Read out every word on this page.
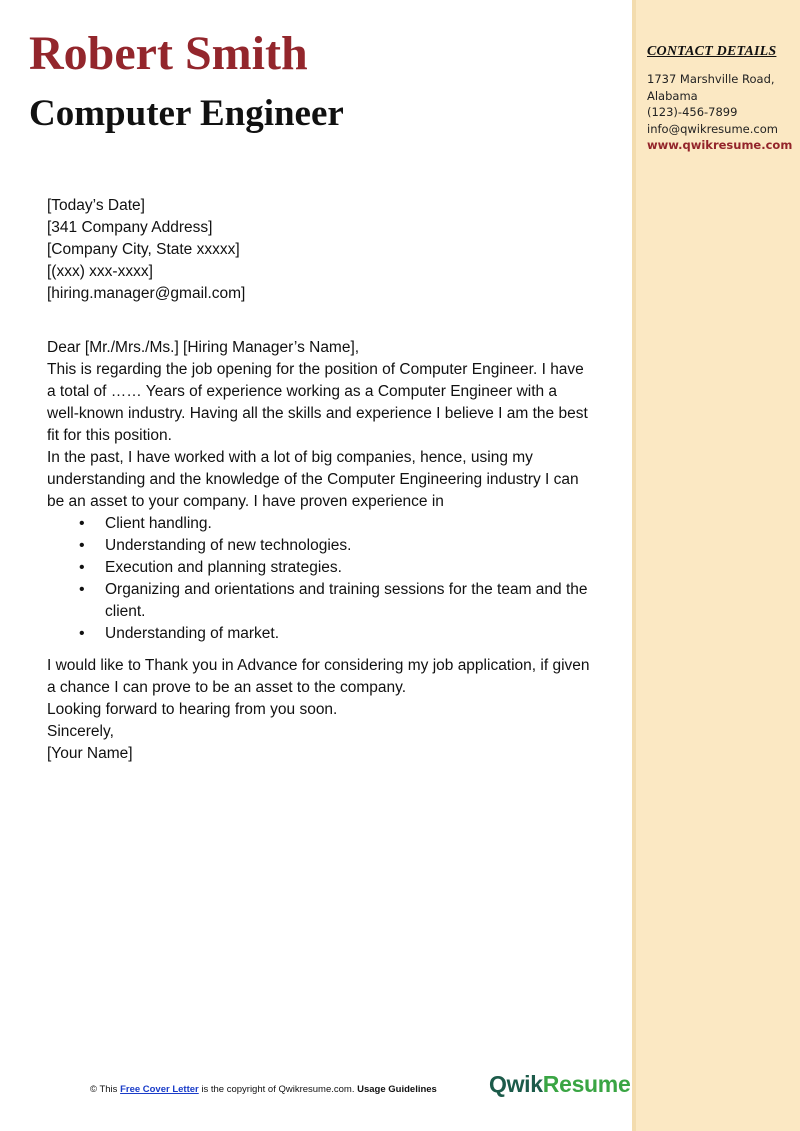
Robert Smith
Computer Engineer
CONTACT DETAILS
1737 Marshville Road,
Alabama
(123)-456-7899
info@qwikresume.com
www.qwikresume.com

[Today’s Date]

[341 Company Address]

[Company City, State xxxxx]

[(xxx) xxx-xxxx]

[hiring.manager@gmail.com]

Dear [Mr./Mrs./Ms.] [Hiring Manager’s Name],

This is regarding the job opening for the position of Computer Engineer. I have a total of …… Years of experience working as a Computer Engineer with a well-known industry. Having all the skills and experience I believe I am the best fit for this position.

In the past, I have worked with a lot of big companies, hence, using my understanding and the knowledge of the Computer Engineering industry I can be an asset to your company. I have proven experience in

• Client handling.
• Understanding of new technologies.
• Execution and planning strategies.
• Organizing and orientations and training sessions for the team and the client.
• Understanding of market.

I would like to Thank you in Advance for considering my job application, if given a chance I can prove to be an asset to the company.

Looking forward to hearing from you soon.

Sincerely,

[Your Name]

© This Free Cover Letter is the copyright of Qwikresume.com. Usage Guidelines	QwikResume
